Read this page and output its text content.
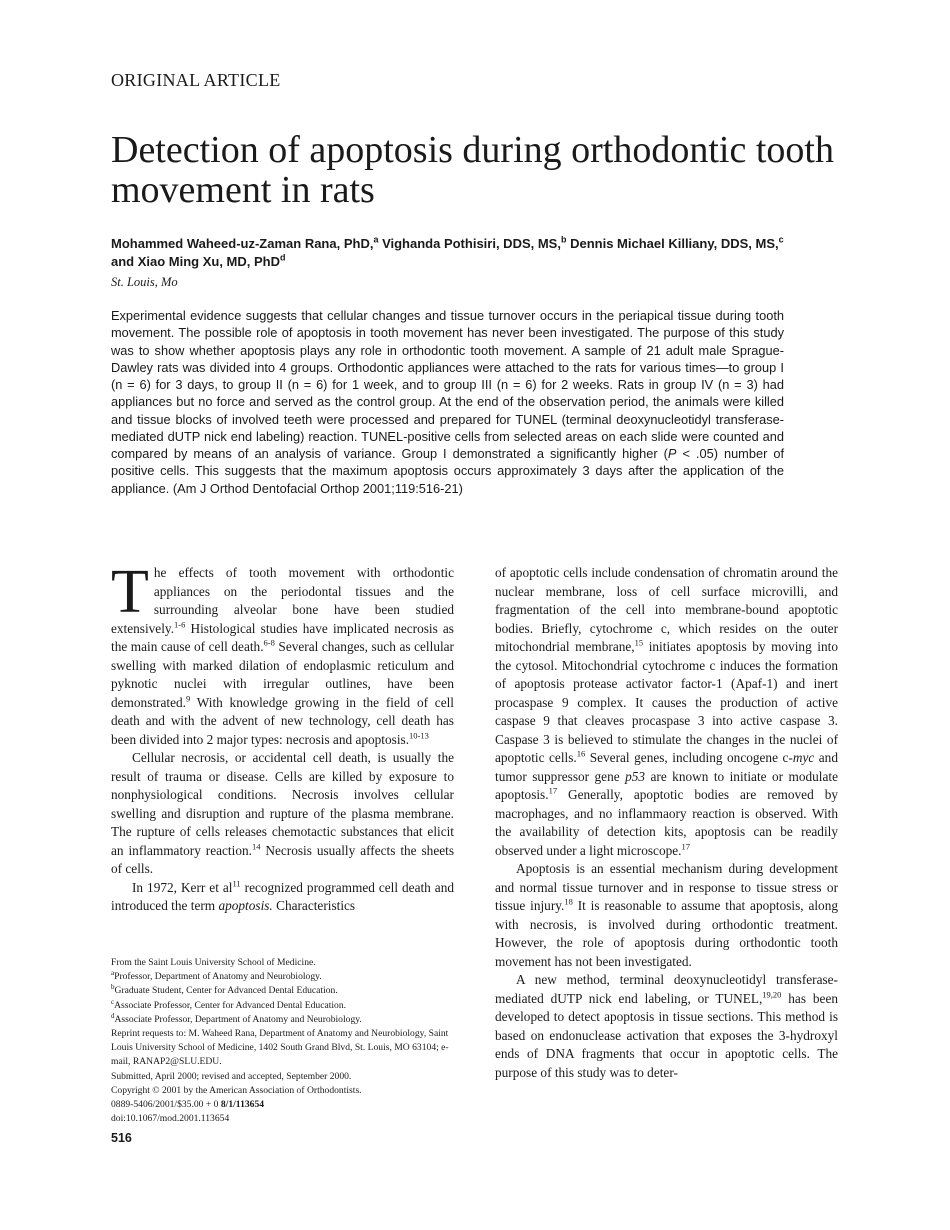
ORIGINAL ARTICLE
Detection of apoptosis during orthodontic tooth movement in rats
Mohammed Waheed-uz-Zaman Rana, PhD,$^a$ Vighanda Pothisiri, DDS, MS,$^b$ Dennis Michael Killiany, DDS, MS,$^c$
and Xiao Ming Xu, MD, PhD$^d$
St. Louis, Mo

Experimental evidence suggests that cellular changes and tissue turnover occurs in the periapical tissue during tooth movement. The possible role of apoptosis in tooth movement has never been investigated. The purpose of this study was to show whether apoptosis plays any role in orthodontic tooth movement. A sample of 21 adult male Sprague-Dawley rats was divided into 4 groups. Orthodontic appliances were attached to the rats for various times—to group I (n = 6) for 3 days, to group II (n = 6) for 1 week, and to group III (n = 6) for 2 weeks. Rats in group IV (n = 3) had appliances but no force and served as the control group. At the end of the observation period, the animals were killed and tissue blocks of involved teeth were processed and prepared for TUNEL (terminal deoxynucleotidyl transferase-mediated dUTP nick end labeling) reaction. TUNEL-positive cells from selected areas on each slide were counted and compared by means of an analysis of variance. Group I demonstrated a significantly higher (P < .05) number of positive cells. This suggests that the maximum apoptosis occurs approximately 3 days after the application of the appliance. (Am J Orthod Dentofacial Orthop 2001;119:516-21)

The effects of tooth movement with orthodontic appliances on the periodontal tissues and the surrounding alveolar bone have been studied extensively.$^{1-6}$ Histological studies have implicated necrosis as the main cause of cell death.$^{6-8}$ Several changes, such as cellular swelling with marked dilation of endoplasmic reticulum and pyknotic nuclei with irregular outlines, have been demonstrated.$^9$ With knowledge growing in the field of cell death and with the advent of new technology, cell death has been divided into 2 major types: necrosis and apoptosis.$^{10-13}$

Cellular necrosis, or accidental cell death, is usually the result of trauma or disease. Cells are killed by exposure to nonphysiological conditions. Necrosis involves cellular swelling and disruption and rupture of the plasma membrane. The rupture of cells releases chemotactic substances that elicit an inflammatory reaction.$^{14}$ Necrosis usually affects the sheets of cells.

In 1972, Kerr et $al^{11}$ recognized programmed cell death and introduced the term apoptosis. Characteristics

of apoptotic cells include condensation of chromatin around the nuclear membrane, loss of cell surface microvilli, and fragmentation of the cell into membrane-bound apoptotic bodies. Briefly, cytochrome c, which resides on the outer mitochondrial membrane,$^{15}$ initiates apoptosis by moving into the cytosol. Mitochondrial cytochrome c induces the formation of apoptosis protease activator factor-1 (Apaf-1) and inert procaspase 9 complex. It causes the production of active caspase 9 that cleaves procaspase 3 into active caspase 3. Caspase 3 is believed to stimulate the changes in the nuclei of apoptotic cells.$^{16}$ Several genes, including oncogene c-myc and tumor suppressor gene p53 are known to initiate or modulate apoptosis.$^{17}$ Generally, apoptotic bodies are removed by macrophages, and no inflammaory reaction is observed. With the availability of detection kits, apoptosis can be readily observed under a light microscope.$^{17}$

Apoptosis is an essential mechanism during development and normal tissue turnover and in response to tissue stress or tissue injury.$^{18}$ It is reasonable to assume that apoptosis, along with necrosis, is involved during orthodontic treatment. However, the role of apoptosis during orthodontic tooth movement has not been investigated.

A new method, terminal deoxynucleotidyl transferase-mediated dUTP nick end labeling, or TUNEL,$^{19,20}$ has been developed to detect apoptosis in tissue sections. This method is based on endonuclease activation that exposes the 3-hydroxyl ends of DNA fragments that occur in apoptotic cells. The purpose of this study was to deter-

From the Saint Louis University School of Medicine.
$^a$Professor, Department of Anatomy and Neurobiology.
$^b$Graduate Student, Center for Advanced Dental Education.
$^c$Associate Professor, Center for Advanced Dental Education.
$^d$Associate Professor, Department of Anatomy and Neurobiology.
Reprint requests to: M. Waheed Rana, Department of Anatomy and Neurobiology, Saint Louis University School of Medicine, 1402 South Grand Blvd, St. Louis, MO 63104; e-mail, RANAP2@SLU.EDU.
Submitted, April 2000; revised and accepted, September 2000.
Copyright © 2001 by the American Association of Orthodontists.
0889-5406/2001/$35.00 + 0 8/1/113654
doi:10.1067/mod.2001.113654
516
